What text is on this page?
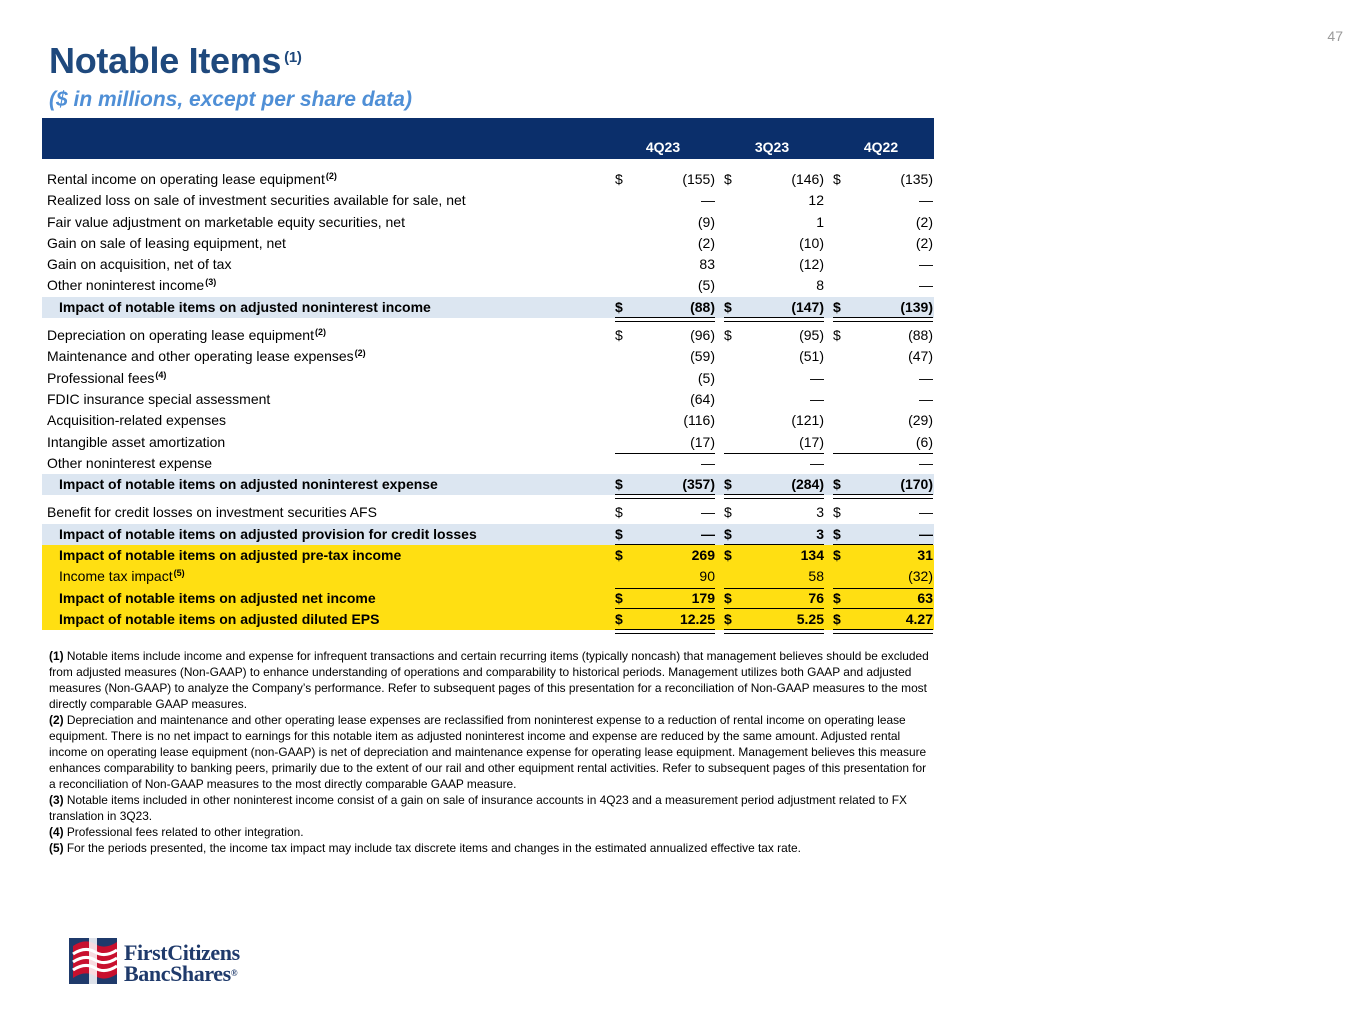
47
Notable Items $^{(1)}$
($ in millions, except per share data)
4Q23	3Q23	4Q22
Rental income on operating lease equipment$^{(2)}$	$	(155) $	(146) $	(135)
Realized loss on sale of investment securities available for sale, net	—	12	—
Fair value adjustment on marketable equity securities, net	(9)	1	(2)
Gain on sale of leasing equipment, net	(2)	(10)	(2)
Gain on acquisition, net of tax	83	(12)	—
Other noninterest income$^{(3)}$	(5)	8	—
Impact of notable items on adjusted noninterest income	$	(88) $	(147) $	(139)
Depreciation on operating lease equipment$^{(2)}$	$	(96) $	(95) $	(88)
Maintenance and other operating lease expenses$^{(2)}$	(59)	(51)	(47)
Professional fees$^{(4)}$	(5)	—	—
FDIC insurance special assessment	(64)	—	—
Acquisition-related expenses	(116)	(121)	(29)
Intangible asset amortization	(17)	(17)	(6)
Other noninterest expense	—	—	—
Impact of notable items on adjusted noninterest expense	$	(357) $	(284) $	(170)
Benefit for credit losses on investment securities AFS	$	— $	3 $	—
Impact of notable items on adjusted provision for credit losses	$	— $	3 $	—
Impact of notable items on adjusted pre-tax income	$	269 $	134 $	31
Income tax impact$^{(5)}$	90	58	(32)
Impact of notable items on adjusted net income	$	179 $	76 $	63
Impact of notable items on adjusted diluted EPS	$	12.25 $	5.25 $	4.27

(1) Notable items include income and expense for infrequent transactions and certain recurring items (typically noncash) that management believes should be excluded from adjusted measures (Non-GAAP) to enhance understanding of operations and comparability to historical periods. Management utilizes both GAAP and adjusted measures (Non-GAAP) to analyze the Company’s performance. Refer to subsequent pages of this presentation for a reconciliation of Non-GAAP measures to the most directly comparable GAAP measures.

(2) Depreciation and maintenance and other operating lease expenses are reclassified from noninterest expense to a reduction of rental income on operating lease equipment. There is no net impact to earnings for this notable item as adjusted noninterest income and expense are reduced by the same amount. Adjusted rental income on operating lease equipment (non-GAAP) is net of depreciation and maintenance expense for operating lease equipment. Management believes this measure enhances comparability to banking peers, primarily due to the extent of our rail and other equipment rental activities. Refer to subsequent pages of this presentation for a reconciliation of Non-GAAP measures to the most directly comparable GAAP measure.

(3) Notable items included in other noninterest income consist of a gain on sale of insurance accounts in 4Q23 and a measurement period adjustment related to FX translation in 3Q23.

(4) Professional fees related to other integration.

(5) For the periods presented, the income tax impact may include tax discrete items and changes in the estimated annualized effective tax rate.

FirstCitizens
BancShares®
